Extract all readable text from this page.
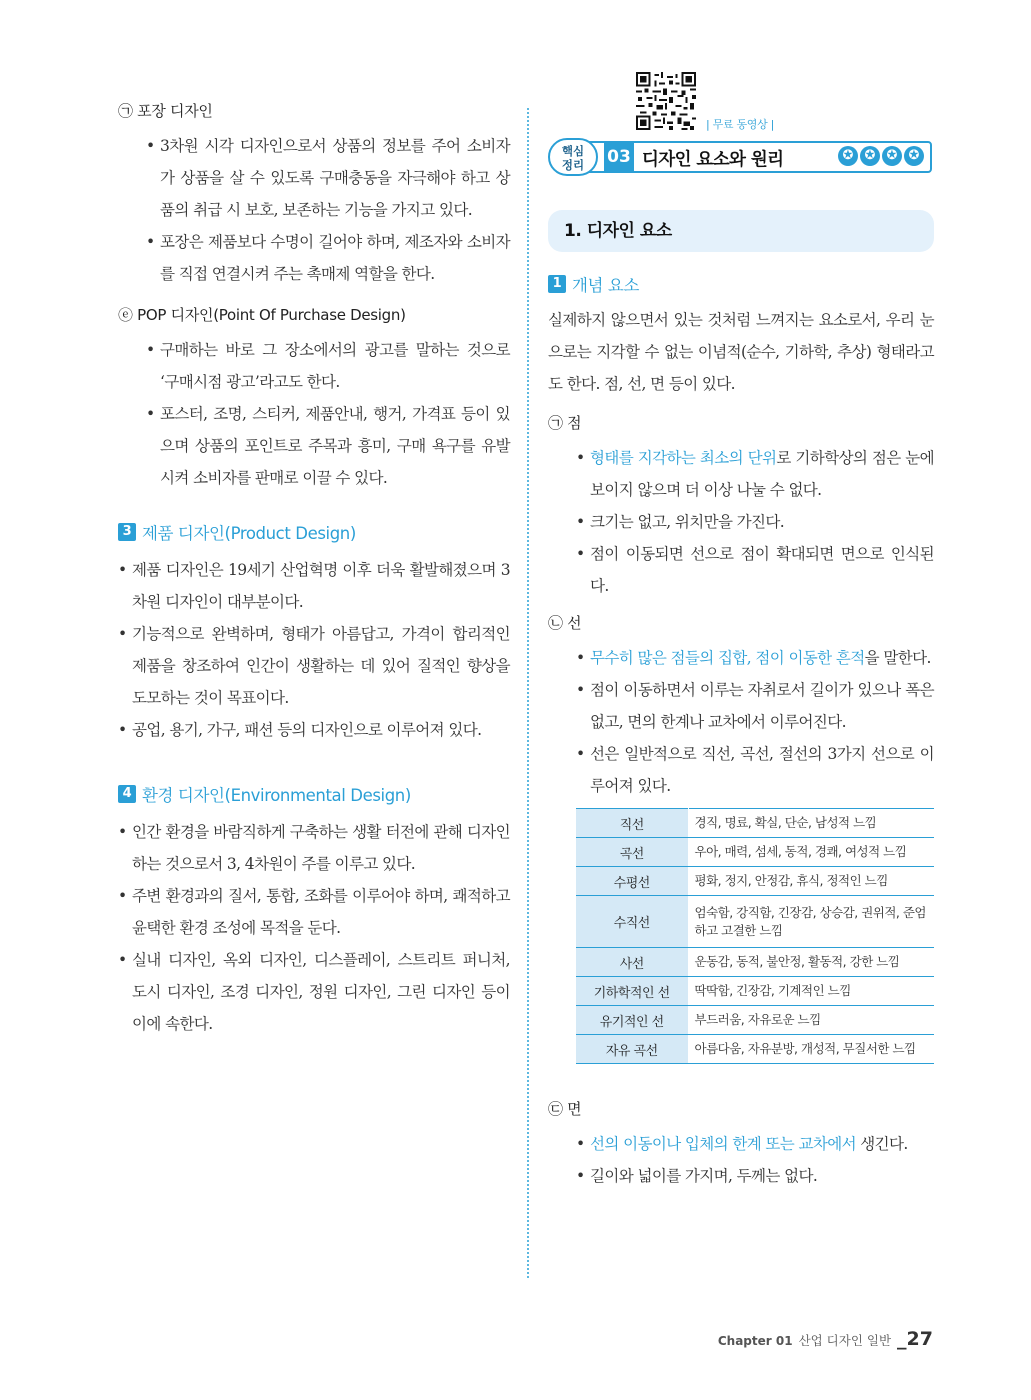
㉠ 포장 디자인
• 3차원 시각 디자인으로서 상품의 정보를 주어 소비자가 상품을 살 수 있도록 구매충동을 자극해야 하고 상품의 취급 시 보호, 보존하는 기능을 가지고 있다.
• 포장은 제품보다 수명이 길어야 하며, 제조자와 소비자를 직접 연결시켜 주는 촉매제 역할을 한다.
ⓔ POP 디자인(Point Of Purchase Design)
• 구매하는 바로 그 장소에서의 광고를 말하는 것으로 ‘구매시점 광고’라고도 한다.
• 포스터, 조명, 스티커, 제품안내, 행거, 가격표 등이 있으며 상품의 포인트로 주목과 흥미, 구매 욕구를 유발시켜 소비자를 판매로 이끌 수 있다.
3 제품 디자인(Product Design)
• 제품 디자인은 19세기 산업혁명 이후 더욱 활발해졌으며 3차원 디자인이 대부분이다.
• 기능적으로 완벽하며, 형태가 아름답고, 가격이 합리적인 제품을 창조하여 인간이 생활하는 데 있어 질적인 향상을 도모하는 것이 목표이다.
• 공업, 용기, 가구, 패션 등의 디자인으로 이루어져 있다.
4 환경 디자인(Environmental Design)
• 인간 환경을 바람직하게 구축하는 생활 터전에 관해 디자인하는 것으로서 3, 4차원이 주를 이루고 있다.
• 주변 환경과의 질서, 통합, 조화를 이루어야 하며, 쾌적하고 윤택한 환경 조성에 목적을 둔다.
• 실내 디자인, 옥외 디자인, 디스플레이, 스트리트 퍼니처, 도시 디자인, 조경 디자인, 정원 디자인, 그린 디자인 등이 이에 속한다.
| 무료 동영상 |
핵심
정리	03 디자인 요소와 원리	✪ ✪ ✪ ✪
1. 디자인 요소
1 개념 요소

실제하지 않으면서 있는 것처럼 느껴지는 요소로서, 우리 눈으로는 지각할 수 없는 이념적(순수, 기하학, 추상) 형태라고도 한다. 점, 선, 면 등이 있다.

㉠ 점
• 형태를 지각하는 최소의 단위로 기하학상의 점은 눈에 보이지 않으며 더 이상 나눌 수 없다.
• 크기는 없고, 위치만을 가진다.
• 점이 이동되면 선으로 점이 확대되면 면으로 인식된다.
㉡ 선
• 무수히 많은 점들의 집합, 점이 이동한 흔적을 말한다.
• 점이 이동하면서 이루는 자취로서 길이가 있으나 폭은 없고, 면의 한계나 교차에서 이루어진다.
• 선은 일반적으로 직선, 곡선, 절선의 3가지 선으로 이루어져 있다.
직선	경직, 명료, 확실, 단순, 남성적 느낌
곡선	우아, 매력, 섬세, 동적, 경쾌, 여성적 느낌
수평선	평화, 정지, 안정감, 휴식, 정적인 느낌
수직선	엄숙함, 강직함, 긴장감, 상승감, 권위적, 준엄하고 고결한 느낌
사선	운동감, 동적, 불안정, 활동적, 강한 느낌
기하학적인 선	딱딱함, 긴장감, 기계적인 느낌
유기적인 선	부드러움, 자유로운 느낌
자유 곡선	아름다움, 자유분방, 개성적, 무질서한 느낌
㉢ 면
• 선의 이동이나 입체의 한계 또는 교차에서 생긴다.
• 길이와 넓이를 가지며, 두께는 없다.
Chapter 01 산업 디자인 일반 _27
